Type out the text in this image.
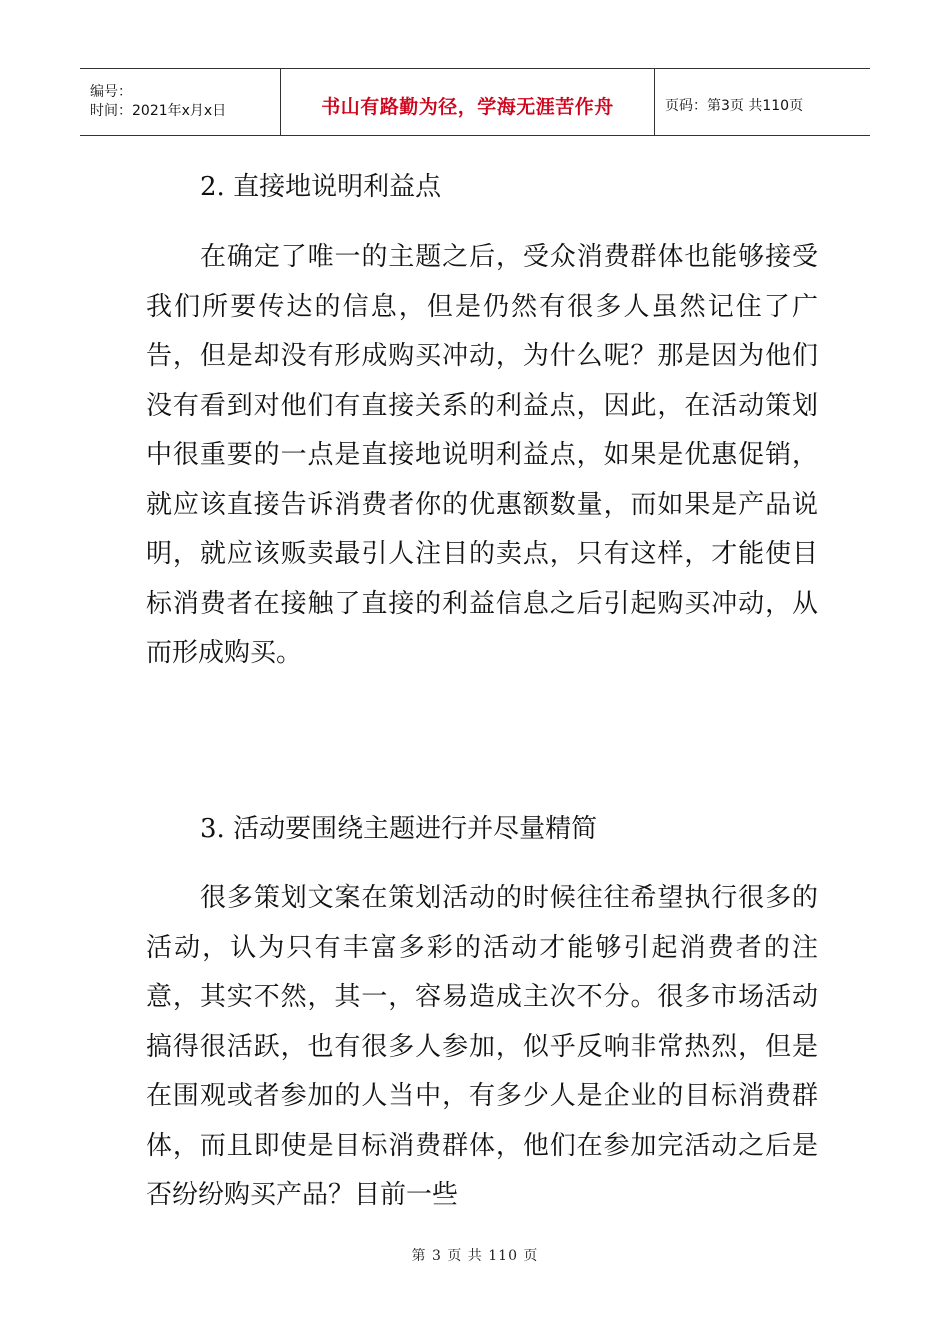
编号：
时间：2021年x月x日	书山有路勤为径，学海无涯苦作舟	页码：第3页 共110页
2. 直接地说明利益点

在确定了唯一的主题之后，受众消费群体也能够接受我们所要传达的信息，但是仍然有很多人虽然记住了广告，但是却没有形成购买冲动，为什么呢？那是因为他们没有看到对他们有直接关系的利益点，因此，在活动策划中很重要的一点是直接地说明利益点，如果是优惠促销，就应该直接告诉消费者你的优惠额数量，而如果是产品说明，就应该贩卖最引人注目的卖点，只有这样，才能使目标消费者在接触了直接的利益信息之后引起购买冲动，从而形成购买。

3. 活动要围绕主题进行并尽量精简

很多策划文案在策划活动的时候往往希望执行很多的活动，认为只有丰富多彩的活动才能够引起消费者的注意，其实不然，其一，容易造成主次不分。很多市场活动搞得很活跃，也有很多人参加，似乎反响非常热烈，但是在围观或者参加的人当中，有多少人是企业的目标消费群体，而且即使是目标消费群体，他们在参加完活动之后是否纷纷购买产品？目前一些

第 3 页 共 110 页
